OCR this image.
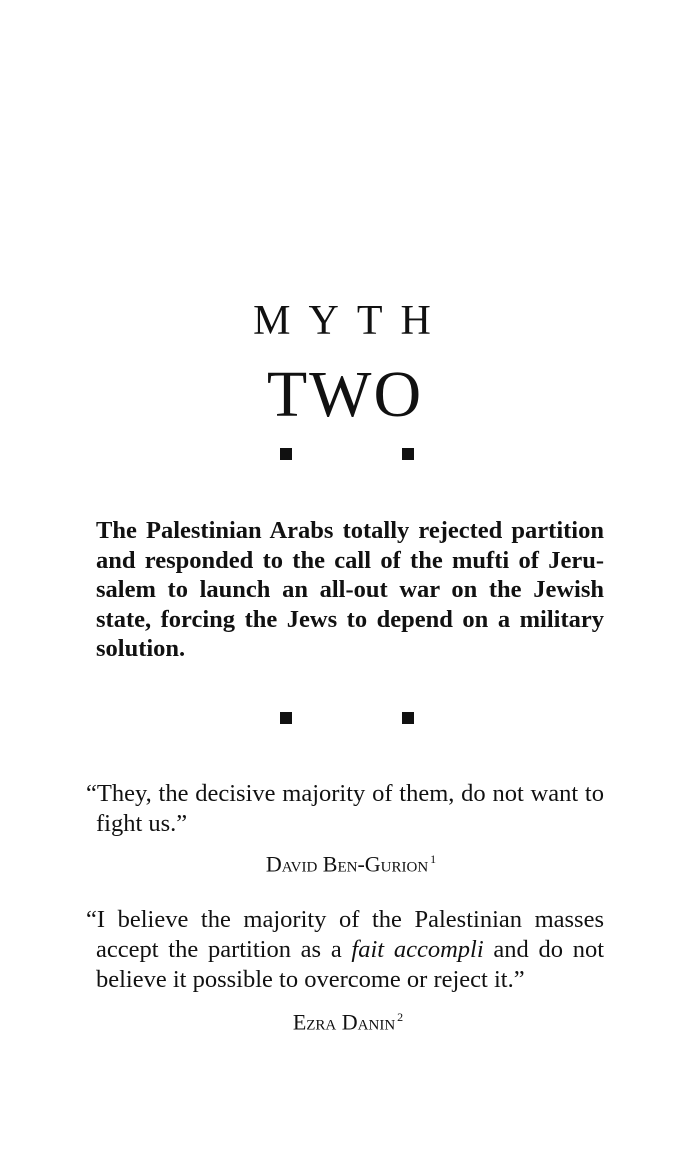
MYTH
TWO
The Palestinian Arabs totally rejected partition and responded to the call of the mufti of Jeru-salem to launch an all-out war on the Jewish state, forcing the Jews to depend on a military solution.

“They, the decisive majority of them, do not want to fight us.”

David Ben-Gurion $^1$

“I believe the majority of the Palestinian masses accept the partition as a fait accompli and do not believe it possible to overcome or reject it.”

Ezra Danin $^2$
